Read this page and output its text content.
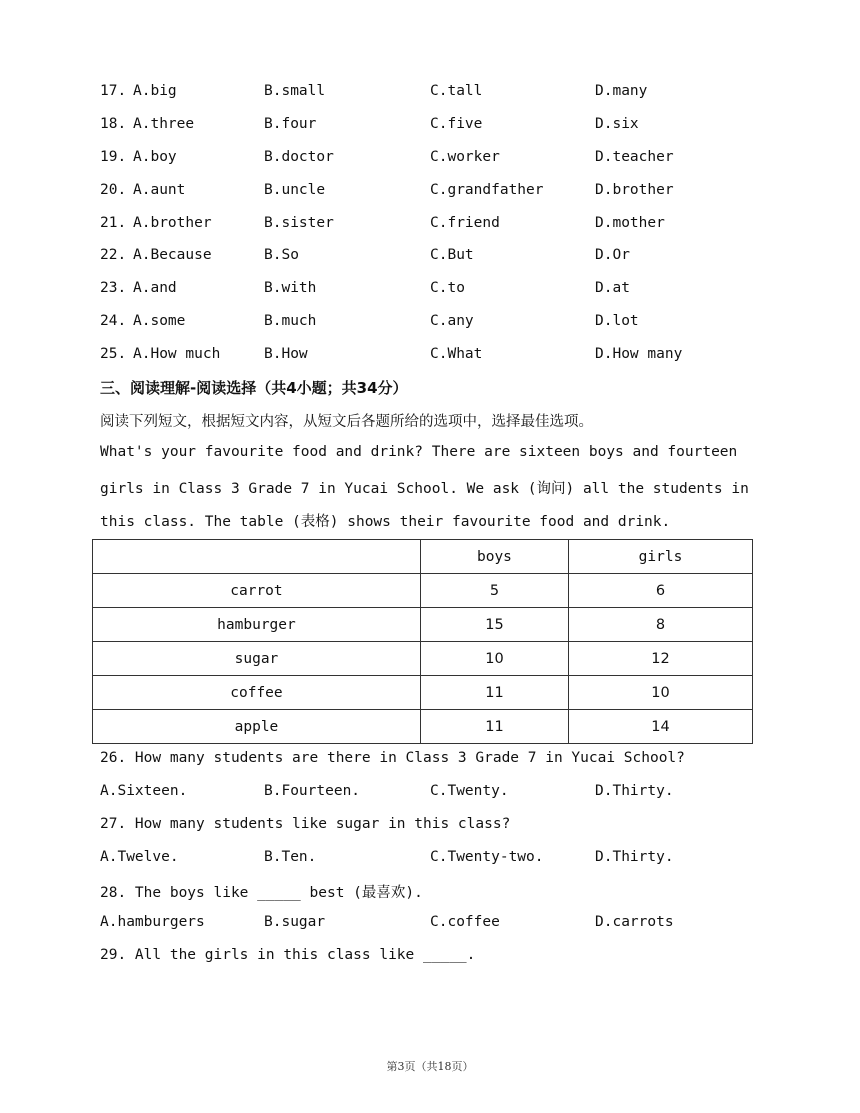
17. A.big	B.small	C.tall	D.many
18. A.three	B.four	C.five	D.six
19. A.boy	B.doctor	C.worker	D.teacher
20. A.aunt	B.uncle	C.grandfather	D.brother
21. A.brother	B.sister	C.friend	D.mother
22. A.Because	B.So	C.But	D.Or
23. A.and	B.with	C.to	D.at
24. A.some	B.much	C.any	D.lot
25. A.How much	B.How	C.What	D.How many
三、阅读理解-阅读选择（共4小题；共34分）
阅读下列短文，根据短文内容，从短文后各题所给的选项中，选择最佳选项。
What's your favourite food and drink? There are sixteen boys and fourteen
girls in Class 3 Grade 7 in Yucai School. We ask (询问) all the students in
this class. The table (表格) shows their favourite food and drink.
	boys	girls
carrot	5	6
hamburger	15	8
sugar	10	12
coffee	11	10
apple	11	14
26. How many students are there in Class 3 Grade 7 in Yucai School?
A.Sixteen.	B.Fourteen.	C.Twenty.	D.Thirty.
27. How many students like sugar in this class?
A.Twelve.	B.Ten.	C.Twenty-two.	D.Thirty.
28. The boys like _____ best (最喜欢).
A.hamburgers	B.sugar	C.coffee	D.carrots
29. All the girls in this class like _____.
第3页（共18页）
